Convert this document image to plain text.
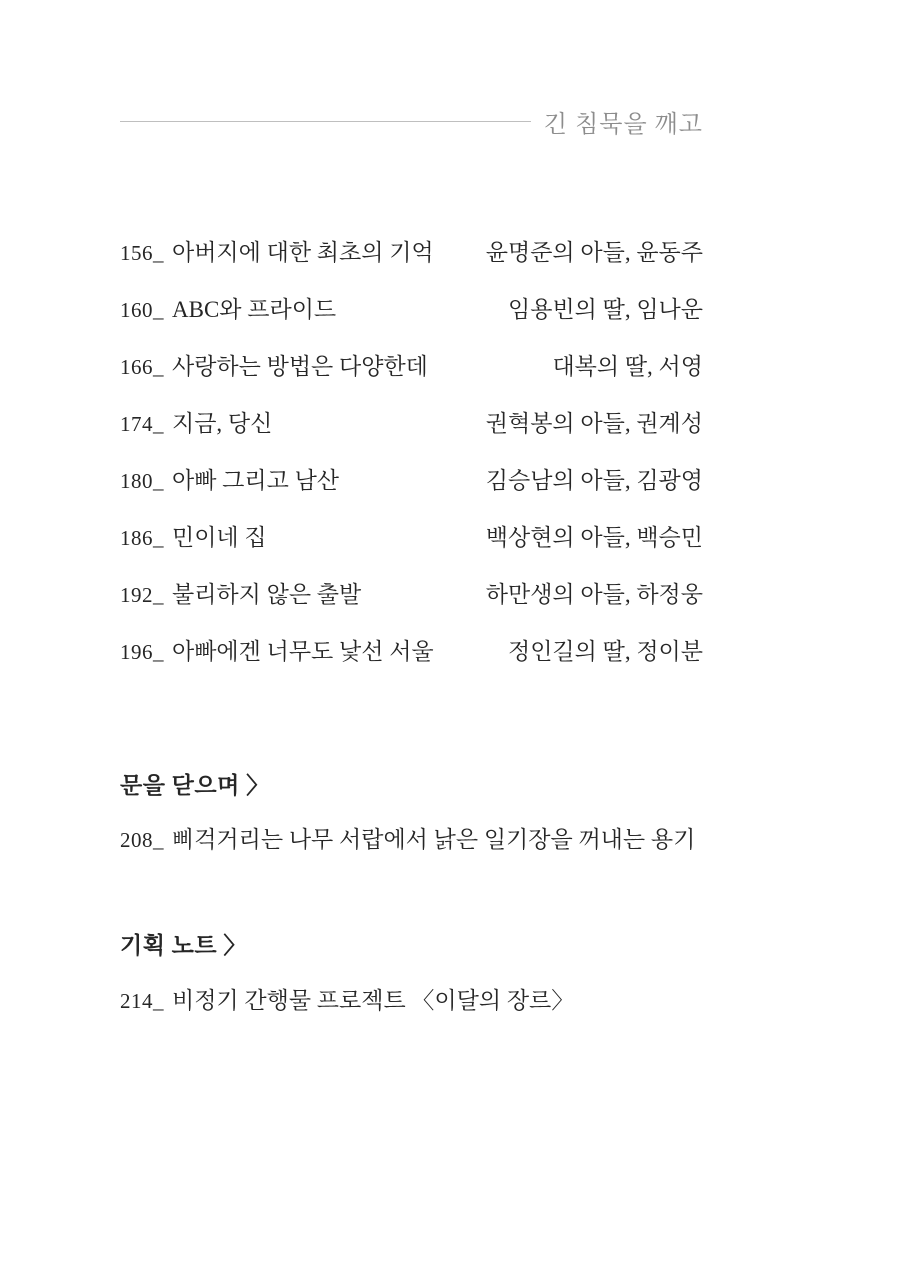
긴 침묵을 깨고
156_ 아버지에 대한 최초의 기억	윤명준의 아들, 윤동주
160_ ABC와 프라이드	임용빈의 딸, 임나운
166_ 사랑하는 방법은 다양한데	대복의 딸, 서영
174_ 지금, 당신	권혁봉의 아들, 권계성
180_ 아빠 그리고 남산	김승남의 아들, 김광영
186_ 민이네 집	백상현의 아들, 백승민
192_ 불리하지 않은 출발	하만생의 아들, 하정웅
196_ 아빠에겐 너무도 낯선 서울	정인길의 딸, 정이분
문을 닫으며 〉
208_ 삐걱거리는 나무 서랍에서 낡은 일기장을 꺼내는 용기
기획 노트 〉
214_ 비정기 간행물 프로젝트 〈이달의 장르〉
